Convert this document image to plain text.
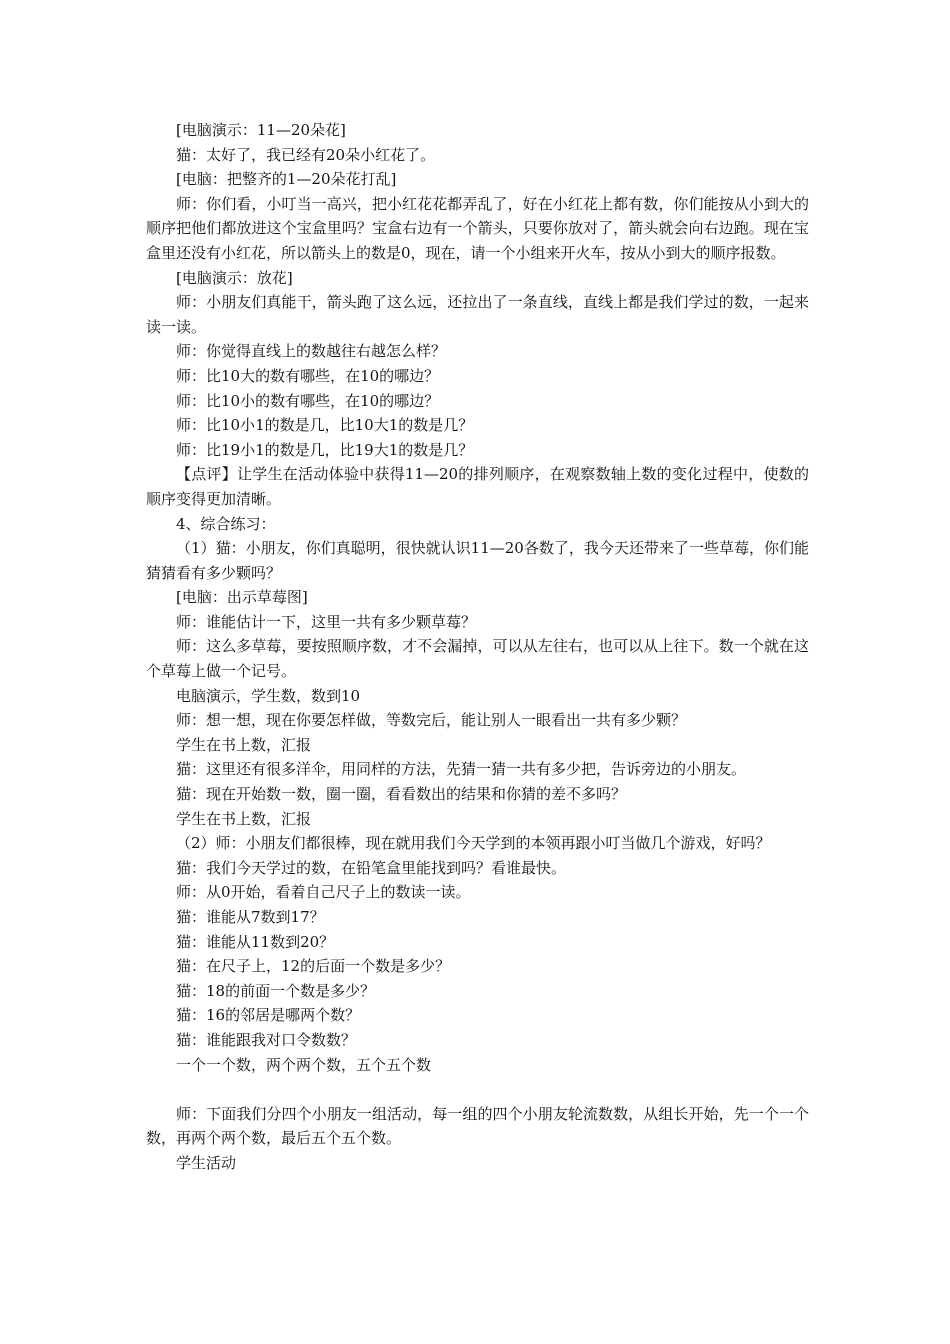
[电脑演示：11—20朵花]

猫：太好了，我已经有20朵小红花了。

[电脑：把整齐的1—20朵花打乱]

师：你们看，小叮当一高兴，把小红花花都弄乱了，好在小红花上都有数，你们能按从小到大的顺序把他们都放进这个宝盒里吗？宝盒右边有一个箭头，只要你放对了，箭头就会向右边跑。现在宝盒里还没有小红花，所以箭头上的数是0，现在，请一个小组来开火车，按从小到大的顺序报数。

[电脑演示：放花]

师：小朋友们真能干，箭头跑了这么远，还拉出了一条直线，直线上都是我们学过的数，一起来读一读。

师：你觉得直线上的数越往右越怎么样？

师：比10大的数有哪些，在10的哪边？

师：比10小的数有哪些，在10的哪边？

师：比10小1的数是几，比10大1的数是几？

师：比19小1的数是几，比19大1的数是几？

【点评】让学生在活动体验中获得11—20的排列顺序，在观察数轴上数的变化过程中，使数的顺序变得更加清晰。

4、综合练习：

（1）猫：小朋友，你们真聪明，很快就认识11—20各数了，我今天还带来了一些草莓，你们能猜猜看有多少颗吗？

[电脑：出示草莓图]

师：谁能估计一下，这里一共有多少颗草莓？

师：这么多草莓，要按照顺序数，才不会漏掉，可以从左往右，也可以从上往下。数一个就在这个草莓上做一个记号。

电脑演示，学生数，数到10

师：想一想，现在你要怎样做，等数完后，能让别人一眼看出一共有多少颗？

学生在书上数，汇报

猫：这里还有很多洋伞，用同样的方法，先猜一猜一共有多少把，告诉旁边的小朋友。

猫：现在开始数一数，圈一圈，看看数出的结果和你猜的差不多吗？

学生在书上数，汇报

（2）师：小朋友们都很棒，现在就用我们今天学到的本领再跟小叮当做几个游戏，好吗？

猫：我们今天学过的数，在铅笔盒里能找到吗？看谁最快。

师：从0开始，看着自己尺子上的数读一读。

猫：谁能从7数到17？

猫：谁能从11数到20？

猫：在尺子上，12的后面一个数是多少？

猫：18的前面一个数是多少？

猫：16的邻居是哪两个数？

猫：谁能跟我对口令数数？

一个一个数，两个两个数，五个五个数

师：下面我们分四个小朋友一组活动，每一组的四个小朋友轮流数数，从组长开始，先一个一个数，再两个两个数，最后五个五个数。

学生活动
